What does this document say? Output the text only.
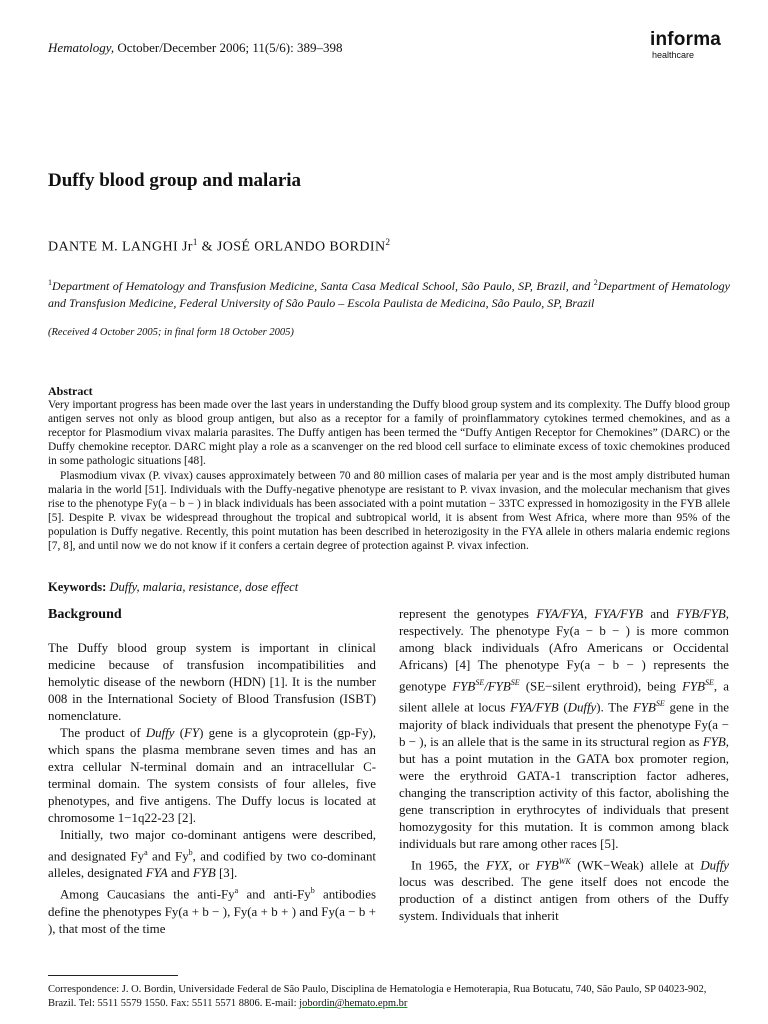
Hematology, October/December 2006; 11(5/6): 389–398	informa
healthcare
Duffy blood group and malaria
DANTE M. LANGHI Jr$^1$ & JOSÉ ORLANDO BORDIN$^2$
$^1$Department of Hematology and Transfusion Medicine, Santa Casa Medical School, São Paulo, SP, Brazil, and $^2$Department of Hematology and Transfusion Medicine, Federal University of São Paulo – Escola Paulista de Medicina, São Paulo, SP, Brazil
(Received 4 October 2005; in final form 18 October 2005)
Abstract

Very important progress has been made over the last years in understanding the Duffy blood group system and its complexity. The Duffy blood group antigen serves not only as blood group antigen, but also as a receptor for a family of proinflammatory cytokines termed chemokines, and as a receptor for Plasmodium vivax malaria parasites. The Duffy antigen has been termed the “Duffy Antigen Receptor for Chemokines” (DARC) or the Duffy chemokine receptor. DARC might play a role as a scanvenger on the red blood cell surface to eliminate excess of toxic chemokines produced in some pathologic situations [48].

Plasmodium vivax (P. vivax) causes approximately between 70 and 80 million cases of malaria per year and is the most amply distributed human malaria in the world [51]. Individuals with the Duffy-negative phenotype are resistant to P. vivax invasion, and the molecular mechanism that gives rise to the phenotype Fy(a − b − ) in black individuals has been associated with a point mutation − 33TC expressed in homozigosity in the FYB allele [5]. Despite P. vivax be widespread throughout the tropical and subtropical world, it is absent from West Africa, where more than 95% of the population is Duffy negative. Recently, this point mutation has been described in heterozigosity in the FYA allele in others malaria endemic regions [7, 8], and until now we do not know if it confers a certain degree of protection against P. vivax infection.

Keywords: Duffy, malaria, resistance, dose effect
Background

The Duffy blood group system is important in clinical medicine because of transfusion incompatibilities and hemolytic disease of the newborn (HDN) [1]. It is the number 008 in the International Society of Blood Transfusion (ISBT) nomenclature.

The product of Duffy (FY) gene is a glycoprotein (gp-Fy), which spans the plasma membrane seven times and has an extra cellular N-terminal domain and an intracellular C-terminal domain. The system consists of four alleles, five phenotypes, and five antigens. The Duffy locus is located at chromosome 1−1q22-23 [2].

Initially, two major co-dominant antigens were described, and designated Fy$^a$ and Fy$^b$, and codified by two co-dominant alleles, designated FYA and FYB [3].

Among Caucasians the anti-Fy$^a$ and anti-Fy$^b$ antibodies define the phenotypes Fy(a + b − ), Fy(a + b + ) and Fy(a − b + ), that most of the time

represent the genotypes FYA/FYA, FYA/FYB and FYB/FYB, respectively. The phenotype Fy(a − b − ) is more common among black individuals (Afro Americans or Occidental Africans) [4] The phenotype Fy(a − b − ) represents the genotype $FYB^{SE}/FYB^{SE}$ (SE−silent erythroid), being $FYB^{SE}$, a silent allele at locus FYA/FYB (Duffy). The $FYB^{SE}$ gene in the majority of black individuals that present the phenotype Fy(a − b − ), is an allele that is the same in its structural region as FYB, but has a point mutation in the GATA box promoter region, were the erythroid GATA-1 transcription factor adheres, changing the transcription activity of this factor, abolishing the gene transcription in erythrocytes of individuals that present homozygosity for this mutation. It is common among black individuals but rare among other races [5].

In 1965, the FYX, or $FYB^{WK}$ (WK−Weak) allele at Duffy locus was described. The gene itself does not encode the production of a distinct antigen from others of the Duffy system. Individuals that inherit

Correspondence: J. O. Bordin, Universidade Federal de São Paulo, Disciplina de Hematologia e Hemoterapia, Rua Botucatu, 740, São Paulo, SP 04023-902, Brazil. Tel: 5511 5579 1550. Fax: 5511 5571 8806. E-mail: jobordin@hemato.epm.br
